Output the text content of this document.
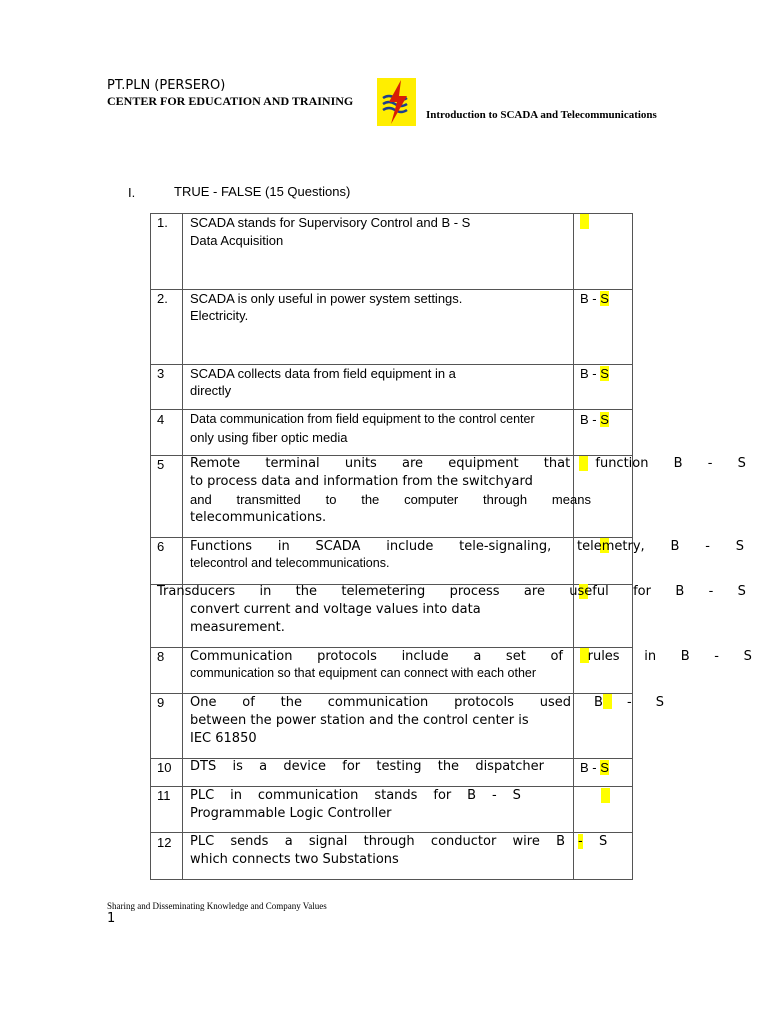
PT.PLN (PERSERO)
CENTER FOR EDUCATION AND TRAINING
Introduction to SCADA and Telecommunications
I.	TRUE - FALSE (15 Questions)
1. SCADA stands for Supervisory Control and B - S
Data Acquisition
2. SCADA is only useful in power system settings.
Electricity.
B - S
3 SCADA collects data from field equipment in a
directly
B - S
4 Data communication from field equipment to the control center
only using fiber optic media
B - S
5 Remote terminal units are equipment that function B - S
to process data and information from the switchyard
and transmitted to the computer through means
telecommunications.
6 Functions in SCADA include tele-signaling, telemetry, B - S
telecontrol and telecommunications.
Transducers in the telemetering process are useful for B - S
convert current and voltage values into data
measurement.
8 Communication protocols include a set of rules in B - S
communication so that equipment can connect with each other
9 One of the communication protocols used B - S
between the power station and the control center is
IEC 61850
10 DTS is a device for testing the dispatcher	B - S
11 PLC in communication stands for B - S
Programmable Logic Controller
12 PLC sends a signal through conductor wire B - S
which connects two Substations
Sharing and Disseminating Knowledge and Company Values
1
